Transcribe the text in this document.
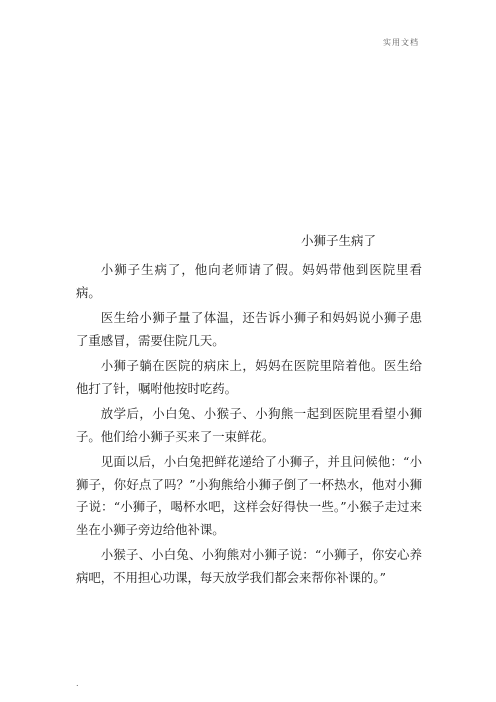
实用文档
小狮子生病了

小狮子生病了，他向老师请了假。妈妈带他到医院里看病。

医生给小狮子量了体温，还告诉小狮子和妈妈说小狮子患了重感冒，需要住院几天。

小狮子躺在医院的病床上，妈妈在医院里陪着他。医生给他打了针，嘱咐他按时吃药。

放学后，小白兔、小猴子、小狗熊一起到医院里看望小狮子。他们给小狮子买来了一束鲜花。

见面以后，小白兔把鲜花递给了小狮子，并且问候他：“小狮子，你好点了吗？”小狗熊给小狮子倒了一杯热水，他对小狮子说：“小狮子，喝杯水吧，这样会好得快一些。”小猴子走过来坐在小狮子旁边给他补课。

小猴子、小白兔、小狗熊对小狮子说：“小狮子，你安心养病吧，不用担心功课，每天放学我们都会来帮你补课的。”

.
